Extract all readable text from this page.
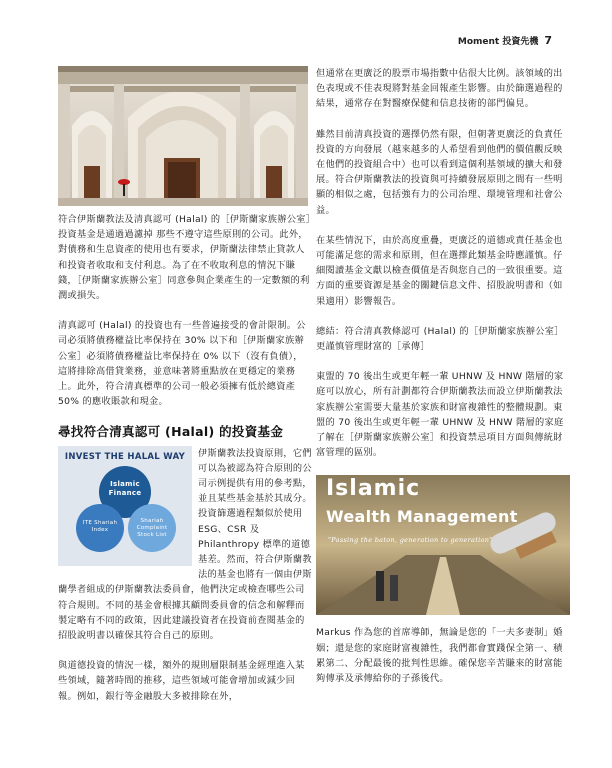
Moment 投資先機 7

符合伊斯蘭教法及清真認可 (Halal) 的［伊斯蘭家族辦公室］投資基金是通過過濾掉 那些不遵守這些原則的公司。此外，對債務和生息資產的使用也有要求，伊斯蘭法律禁止貸款人和投資者收取和支付利息。為了在不收取利息的情況下賺錢，［伊斯蘭家族辦公室］同意參與企業產生的一定數額的利潤或損失。

清真認可 (Halal) 的投資也有一些普遍接受的會計限制。公司必須將債務權益比率保持在 30% 以下和［伊斯蘭家族辦公室］必須將債務權益比率保持在 0% 以下（沒有負債），這將排除高借貸業務，並意味著將重點放在更穩定的業務上。此外，符合清真標準的公司一般必須擁有低於總資產 50% 的應收賬款和現金。

尋找符合清真認可 (Halal) 的投資基金
INVEST THE HALAL WAY
Islamic Finance
ITE Shariah Index
Shariah Complaint Stock List

伊斯蘭教法投資原則，它們可以為被認為符合原則的公司示例提供有用的參考點，並且某些基金基於其成分。投資篩選過程類似於使用 ESG、CSR 及 Philanthropy 標準的道德基差。然而，符合伊斯蘭教法的基金也將有一個由伊斯蘭學者組成的伊斯蘭教法委員會，他們決定或檢查哪些公司符合規則。不同的基金會根據其顧問委員會的信念和解釋而製定略有不同的政策，因此建議投資者在投資前查閱基金的招股說明書以確保其符合自己的原則。

與道德投資的情況一樣，額外的規則層限制基金經理進入某些領域，隨著時間的推移，這些領域可能會增加或減少回報。例如，銀行等金融股大多被排除在外，

但通常在更廣泛的股票市場指數中佔很大比例。該領域的出色表現或不佳表現將對基金回報產生影響。由於篩選過程的結果，通常存在對醫療保健和信息技術的部門偏見。

雖然目前清真投資的選擇仍然有限，但朝著更廣泛的負責任投資的方向發展（越來越多的人希望看到他們的價值觀反映在他們的投資組合中）也可以看到這個利基領域的擴大和發展。符合伊斯蘭教法的投資與可持續發展原則之間有一些明顯的相似之處，包括強有力的公司治理、環境管理和社會公益。

在某些情況下，由於高度重疊，更廣泛的道德或責任基金也可能滿足您的需求和原則，但在選擇此類基金時應謹慎。仔細閱讀基金文獻以檢查價值是否與您自己的一致很重要。這方面的重要資源是基金的關鍵信息文件、招股說明書和（如果適用）影響報告。

總結：符合清真教條認可 (Halal) 的［伊斯蘭家族辦公室］更謹慎管理財富的［承傳］

東盟的 70 後出生或更年輕一輩 UHNW 及 HNW 階層的家庭可以放心，所有計劃都符合伊斯蘭教法而設立伊斯蘭教法家族辦公室需要大量基於家族和財富複雜性的整體規劃。東盟的 70 後出生或更年輕一輩 UHNW 及 HNW 階層的家庭了解在［伊斯蘭家族辦公室］和投資禁忌項目方面與傳統財富管理的區別。

Islamic
Wealth Management
"Passing the baton, generation to generation"

Markus 作為您的首席導師，無論是您的「一夫多妻制」婚姻；還是您的家庭財富複雜性，我們都會實踐保全第一、積累第二、分配最後的批判性思維。確保您辛苦賺來的財富能夠傳承及承傳給你的子孫後代。
